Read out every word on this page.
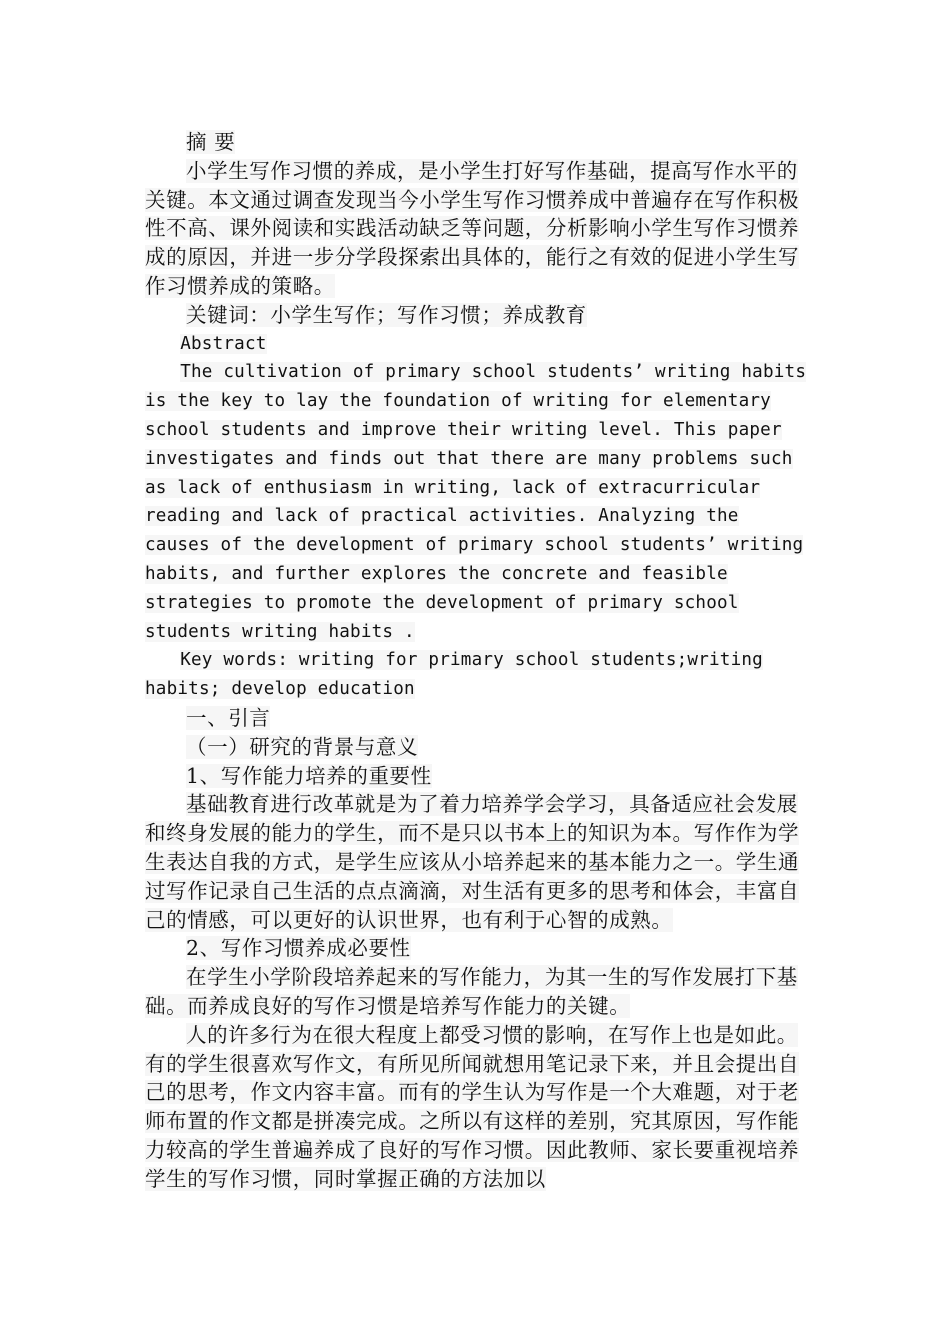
摘 要

小学生写作习惯的养成，是小学生打好写作基础，提高写作水平的关键。本文通过调查发现当今小学生写作习惯养成中普遍存在写作积极性不高、课外阅读和实践活动缺乏等问题，分析影响小学生写作习惯养成的原因，并进一步分学段探索出具体的，能行之有效的促进小学生写作习惯养成的策略。

关键词：小学生写作；写作习惯；养成教育

Abstract

The cultivation of primary school students’ writing habits is the key to lay the foundation of writing for elementary school students and improve their writing level. This paper investigates and finds out that there are many problems such as lack of enthusiasm in writing, lack of extracurricular reading and lack of practical activities. Analyzing the causes of the development of primary school students’ writing habits, and further explores the concrete and feasible strategies to promote the development of primary school students writing habits .

Key words: writing for primary school students;writing habits; develop education

一、引言

（一）研究的背景与意义

1、写作能力培养的重要性

基础教育进行改革就是为了着力培养学会学习，具备适应社会发展和终身发展的能力的学生，而不是只以书本上的知识为本。写作作为学生表达自我的方式，是学生应该从小培养起来的基本能力之一。学生通过写作记录自己生活的点点滴滴，对生活有更多的思考和体会，丰富自己的情感，可以更好的认识世界，也有利于心智的成熟。

2、写作习惯养成必要性

在学生小学阶段培养起来的写作能力，为其一生的写作发展打下基础。而养成良好的写作习惯是培养写作能力的关键。

人的许多行为在很大程度上都受习惯的影响，在写作上也是如此。有的学生很喜欢写作文，有所见所闻就想用笔记录下来，并且会提出自己的思考，作文内容丰富。而有的学生认为写作是一个大难题，对于老师布置的作文都是拼凑完成。之所以有这样的差别，究其原因，写作能力较高的学生普遍养成了良好的写作习惯。因此教师、家长要重视培养学生的写作习惯，同时掌握正确的方法加以
